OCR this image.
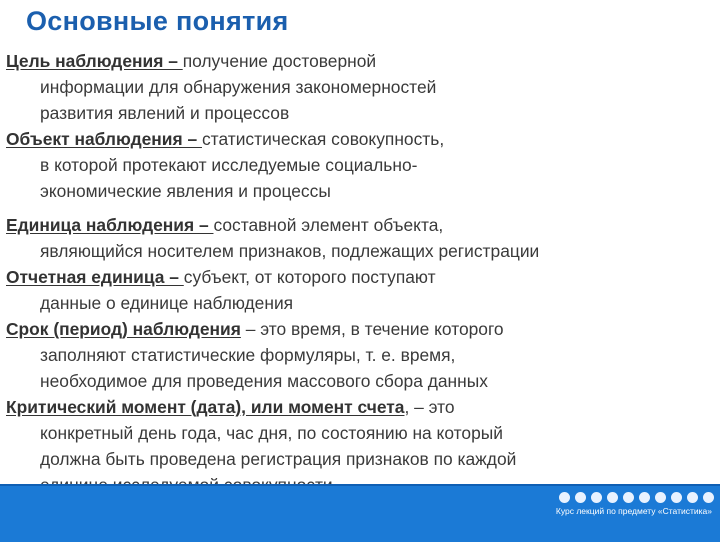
Основные понятия
Цель наблюдения – получение достоверной
информации для обнаружения закономерностей
развития явлений и процессов
Объект наблюдения – статистическая совокупность,
в которой протекают исследуемые социально-
экономические явления и процессы
Единица наблюдения – составной элемент объекта,
являющийся носителем признаков, подлежащих регистрации
Отчетная единица – субъект, от которого поступают
данные о единице наблюдения
Срок (период) наблюдения – это время, в течение которого
заполняют статистические формуляры, т. е. время,
необходимое для проведения массового сбора данных
Критический момент (дата), или момент счета, – это
конкретный день года, час дня, по состоянию на который
должна быть проведена регистрация признаков по каждой
Курс лекций по предмету «Статистика»
